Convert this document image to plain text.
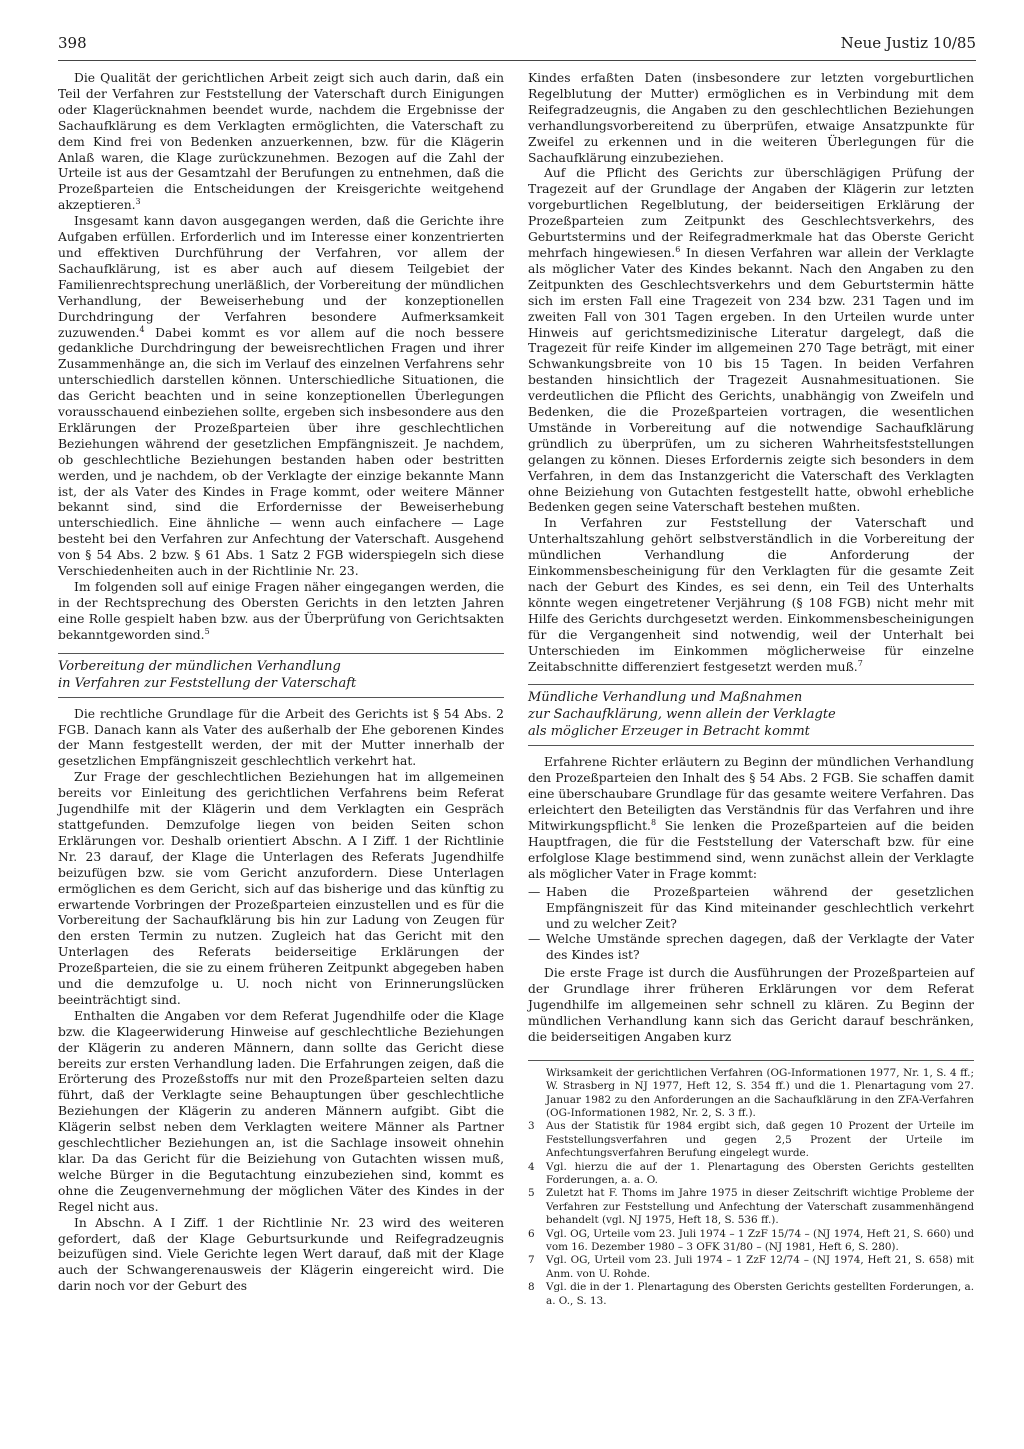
398	Neue Justiz 10/85

Die Qualität der gerichtlichen Arbeit zeigt sich auch darin, daß ein Teil der Verfahren zur Feststellung der Vaterschaft durch Einigungen oder Klagerücknahmen beendet wurde, nachdem die Ergebnisse der Sachaufklärung es dem Verklagten ermöglichten, die Vaterschaft zu dem Kind frei von Bedenken anzuerkennen, bzw. für die Klägerin Anlaß waren, die Klage zurückzunehmen. Bezogen auf die Zahl der Urteile ist aus der Gesamtzahl der Berufungen zu entnehmen, daß die Prozeßparteien die Entscheidungen der Kreisgerichte weitgehend akzeptieren.$^3$

Insgesamt kann davon ausgegangen werden, daß die Gerichte ihre Aufgaben erfüllen. Erforderlich und im Interesse einer konzentrierten und effektiven Durchführung der Verfahren, vor allem der Sachaufklärung, ist es aber auch auf diesem Teilgebiet der Familienrechtsprechung unerläßlich, der Vorbereitung der mündlichen Verhandlung, der Beweiserhebung und der konzeptionellen Durchdringung der Verfahren besondere Aufmerksamkeit zuzuwenden.$^4$ Dabei kommt es vor allem auf die noch bessere gedankliche Durchdringung der beweisrechtlichen Fragen und ihrer Zusammenhänge an, die sich im Verlauf des einzelnen Verfahrens sehr unterschiedlich darstellen können. Unterschiedliche Situationen, die das Gericht beachten und in seine konzeptionellen Überlegungen vorausschauend einbeziehen sollte, ergeben sich insbesondere aus den Erklärungen der Prozeßparteien über ihre geschlechtlichen Beziehungen während der gesetzlichen Empfängniszeit. Je nachdem, ob geschlechtliche Beziehungen bestanden haben oder bestritten werden, und je nachdem, ob der Verklagte der einzige bekannte Mann ist, der als Vater des Kindes in Frage kommt, oder weitere Männer bekannt sind, sind die Erfordernisse der Beweiserhebung unterschiedlich. Eine ähnliche — wenn auch einfachere — Lage besteht bei den Verfahren zur Anfechtung der Vaterschaft. Ausgehend von § 54 Abs. 2 bzw. § 61 Abs. 1 Satz 2 FGB widerspiegeln sich diese Verschiedenheiten auch in der Richtlinie Nr. 23.

Im folgenden soll auf einige Fragen näher eingegangen werden, die in der Rechtsprechung des Obersten Gerichts in den letzten Jahren eine Rolle gespielt haben bzw. aus der Überprüfung von Gerichtsakten bekanntgeworden sind.$^5$

Vorbereitung der mündlichen Verhandlung
in Verfahren zur Feststellung der Vaterschaft

Die rechtliche Grundlage für die Arbeit des Gerichts ist § 54 Abs. 2 FGB. Danach kann als Vater des außerhalb der Ehe geborenen Kindes der Mann festgestellt werden, der mit der Mutter innerhalb der gesetzlichen Empfängniszeit geschlechtlich verkehrt hat.

Zur Frage der geschlechtlichen Beziehungen hat im allgemeinen bereits vor Einleitung des gerichtlichen Verfahrens beim Referat Jugendhilfe mit der Klägerin und dem Verklagten ein Gespräch stattgefunden. Demzufolge liegen von beiden Seiten schon Erklärungen vor. Deshalb orientiert Abschn. A I Ziff. 1 der Richtlinie Nr. 23 darauf, der Klage die Unterlagen des Referats Jugendhilfe beizufügen bzw. sie vom Gericht anzufordern. Diese Unterlagen ermöglichen es dem Gericht, sich auf das bisherige und das künftig zu erwartende Vorbringen der Prozeßparteien einzustellen und es für die Vorbereitung der Sachaufklärung bis hin zur Ladung von Zeugen für den ersten Termin zu nutzen. Zugleich hat das Gericht mit den Unterlagen des Referats beiderseitige Erklärungen der Prozeßparteien, die sie zu einem früheren Zeitpunkt abgegeben haben und die demzufolge u. U. noch nicht von Erinnerungslücken beeinträchtigt sind.

Enthalten die Angaben vor dem Referat Jugendhilfe oder die Klage bzw. die Klageerwiderung Hinweise auf geschlechtliche Beziehungen der Klägerin zu anderen Männern, dann sollte das Gericht diese bereits zur ersten Verhandlung laden. Die Erfahrungen zeigen, daß die Erörterung des Prozeßstoffs nur mit den Prozeßparteien selten dazu führt, daß der Verklagte seine Behauptungen über geschlechtliche Beziehungen der Klägerin zu anderen Männern aufgibt. Gibt die Klägerin selbst neben dem Verklagten weitere Männer als Partner geschlechtlicher Beziehungen an, ist die Sachlage insoweit ohnehin klar. Da das Gericht für die Beiziehung von Gutachten wissen muß, welche Bürger in die Begutachtung einzubeziehen sind, kommt es ohne die Zeugenvernehmung der möglichen Väter des Kindes in der Regel nicht aus.

In Abschn. A I Ziff. 1 der Richtlinie Nr. 23 wird des weiteren gefordert, daß der Klage Geburtsurkunde und Reifegradzeugnis beizufügen sind. Viele Gerichte legen Wert darauf, daß mit der Klage auch der Schwangerenausweis der Klägerin eingereicht wird. Die darin noch vor der Geburt des

Kindes erfaßten Daten (insbesondere zur letzten vorgeburtlichen Regelblutung der Mutter) ermöglichen es in Verbindung mit dem Reifegradzeugnis, die Angaben zu den geschlechtlichen Beziehungen verhandlungsvorbereitend zu überprüfen, etwaige Ansatzpunkte für Zweifel zu erkennen und in die weiteren Überlegungen für die Sachaufklärung einzubeziehen.

Auf die Pflicht des Gerichts zur überschlägigen Prüfung der Tragezeit auf der Grundlage der Angaben der Klägerin zur letzten vorgeburtlichen Regelblutung, der beiderseitigen Erklärung der Prozeßparteien zum Zeitpunkt des Geschlechtsverkehrs, des Geburtstermins und der Reifegradmerkmale hat das Oberste Gericht mehrfach hingewiesen.$^6$ In diesen Verfahren war allein der Verklagte als möglicher Vater des Kindes bekannt. Nach den Angaben zu den Zeitpunkten des Geschlechtsverkehrs und dem Geburtstermin hätte sich im ersten Fall eine Tragezeit von 234 bzw. 231 Tagen und im zweiten Fall von 301 Tagen ergeben. In den Urteilen wurde unter Hinweis auf gerichtsmedizinische Literatur dargelegt, daß die Tragezeit für reife Kinder im allgemeinen 270 Tage beträgt, mit einer Schwankungsbreite von 10 bis 15 Tagen. In beiden Verfahren bestanden hinsichtlich der Tragezeit Ausnahmesituationen. Sie verdeutlichen die Pflicht des Gerichts, unabhängig von Zweifeln und Bedenken, die die Prozeßparteien vortragen, die wesentlichen Umstände in Vorbereitung auf die notwendige Sachaufklärung gründlich zu überprüfen, um zu sicheren Wahrheitsfeststellungen gelangen zu können. Dieses Erfordernis zeigte sich besonders in dem Verfahren, in dem das Instanzgericht die Vaterschaft des Verklagten ohne Beiziehung von Gutachten festgestellt hatte, obwohl erhebliche Bedenken gegen seine Vaterschaft bestehen mußten.

In Verfahren zur Feststellung der Vaterschaft und Unterhaltszahlung gehört selbstverständlich in die Vorbereitung der mündlichen Verhandlung die Anforderung der Einkommensbescheinigung für den Verklagten für die gesamte Zeit nach der Geburt des Kindes, es sei denn, ein Teil des Unterhalts könnte wegen eingetretener Verjährung (§ 108 FGB) nicht mehr mit Hilfe des Gerichts durchgesetzt werden. Einkommensbescheinigungen für die Vergangenheit sind notwendig, weil der Unterhalt bei Unterschieden im Einkommen möglicherweise für einzelne Zeitabschnitte differenziert festgesetzt werden muß.$^7$

Mündliche Verhandlung und Maßnahmen
zur Sachaufklärung, wenn allein der Verklagte
als möglicher Erzeuger in Betracht kommt

Erfahrene Richter erläutern zu Beginn der mündlichen Verhandlung den Prozeßparteien den Inhalt des § 54 Abs. 2 FGB. Sie schaffen damit eine überschaubare Grundlage für das gesamte weitere Verfahren. Das erleichtert den Beteiligten das Verständnis für das Verfahren und ihre Mitwirkungspflicht.$^8$ Sie lenken die Prozeßparteien auf die beiden Hauptfragen, die für die Feststellung der Vaterschaft bzw. für eine erfolglose Klage bestimmend sind, wenn zunächst allein der Verklagte als möglicher Vater in Frage kommt:

— Haben die Prozeßparteien während der gesetzlichen Empfängniszeit für das Kind miteinander geschlechtlich verkehrt und zu welcher Zeit?
— Welche Umstände sprechen dagegen, daß der Verklagte der Vater des Kindes ist?

Die erste Frage ist durch die Ausführungen der Prozeßparteien auf der Grundlage ihrer früheren Erklärungen vor dem Referat Jugendhilfe im allgemeinen sehr schnell zu klären. Zu Beginn der mündlichen Verhandlung kann sich das Gericht darauf beschränken, die beiderseitigen Angaben kurz

Wirksamkeit der gerichtlichen Verfahren (OG-Informationen 1977, Nr. 1, S. 4 ff.; W. Strasberg in NJ 1977, Heft 12, S. 354 ff.) und die 1. Plenartagung vom 27. Januar 1982 zu den Anforderungen an die Sachaufklärung in den ZFA-Verfahren (OG-Informationen 1982, Nr. 2, S. 3 ff.).
3	Aus der Statistik für 1984 ergibt sich, daß gegen 10 Prozent der Urteile im Feststellungsverfahren und gegen 2,5 Prozent der Urteile im Anfechtungsverfahren Berufung eingelegt wurde.
4	Vgl. hierzu die auf der 1. Plenartagung des Obersten Gerichts gestellten Forderungen, a. a. O.
5	Zuletzt hat F. Thoms im Jahre 1975 in dieser Zeitschrift wichtige Probleme der Verfahren zur Feststellung und Anfechtung der Vaterschaft zusammenhängend behandelt (vgl. NJ 1975, Heft 18, S. 536 ff.).
6	Vgl. OG, Urteile vom 23. Juli 1974 – 1 ZzF 15/74 – (NJ 1974, Heft 21, S. 660) und vom 16. Dezember 1980 – 3 OFK 31/80 – (NJ 1981, Heft 6, S. 280).
7	Vgl. OG, Urteil vom 23. Juli 1974 – 1 ZzF 12/74 – (NJ 1974, Heft 21, S. 658) mit Anm. von U. Rohde.
8	Vgl. die in der 1. Plenartagung des Obersten Gerichts gestellten Forderungen, a. a. O., S. 13.
